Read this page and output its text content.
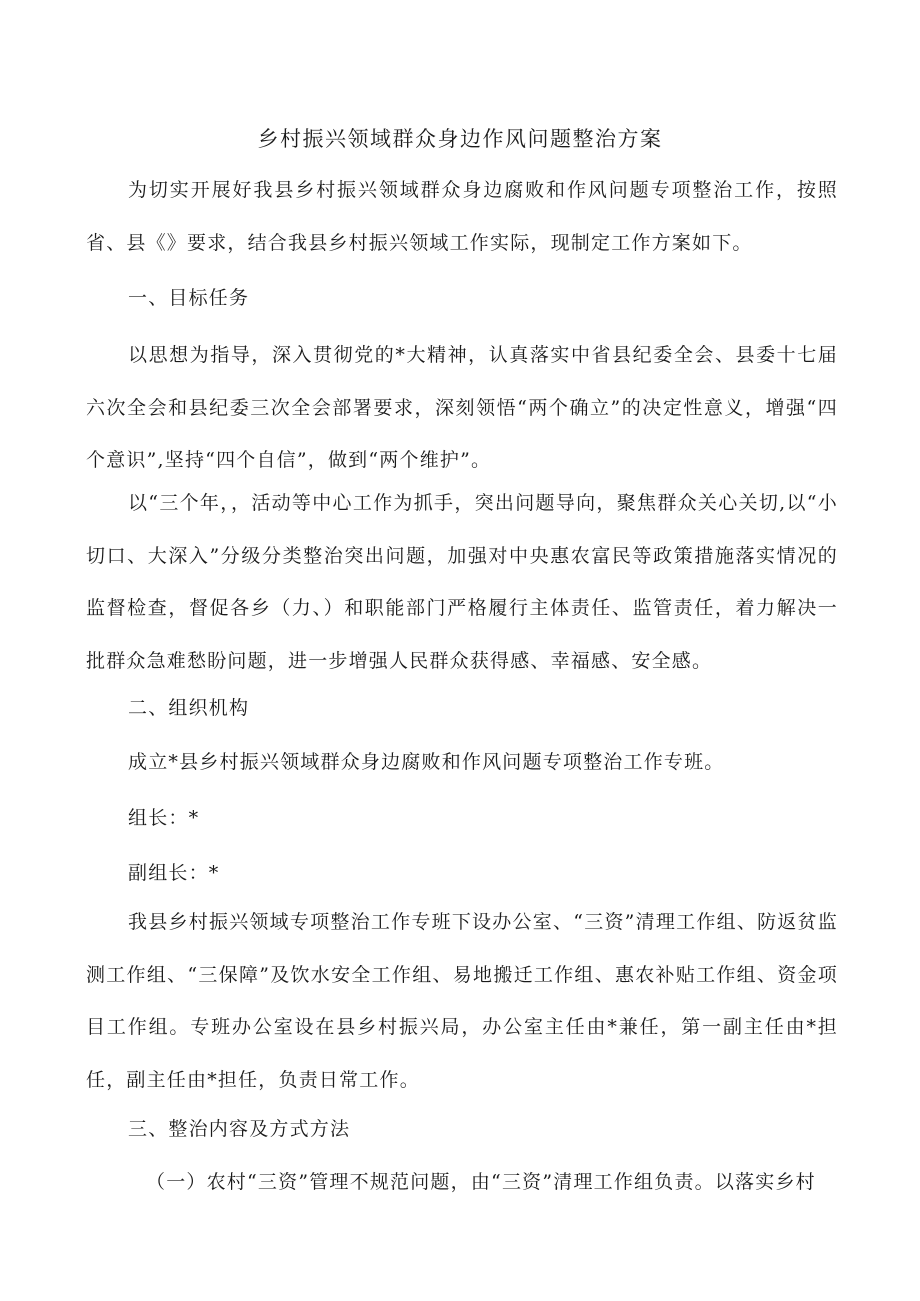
乡村振兴领域群众身边作风问题整治方案

为切实开展好我县乡村振兴领域群众身边腐败和作风问题专项整治工作，按照省、县《》要求，结合我县乡村振兴领域工作实际，现制定工作方案如下。

一、目标任务

以思想为指导，深入贯彻党的*大精神，认真落实中省县纪委全会、县委十七届六次全会和县纪委三次全会部署要求，深刻领悟“两个确立”的决定性意义，增强“四个意识”,坚持“四个自信”，做到“两个维护”。

以“三个年，，活动等中心工作为抓手，突出问题导向，聚焦群众关心关切,以“小切口、大深入”分级分类整治突出问题，加强对中央惠农富民等政策措施落实情况的监督检查，督促各乡（力、）和职能部门严格履行主体责任、监管责任，着力解决一批群众急难愁盼问题，进一步增强人民群众获得感、幸福感、安全感。

二、组织机构

成立*县乡村振兴领域群众身边腐败和作风问题专项整治工作专班。

组长：*

副组长：*

我县乡村振兴领域专项整治工作专班下设办公室、“三资”清理工作组、防返贫监测工作组、“三保障”及饮水安全工作组、易地搬迁工作组、惠农补贴工作组、资金项目工作组。专班办公室设在县乡村振兴局，办公室主任由*兼任，第一副主任由*担任，副主任由*担任，负责日常工作。

三、整治内容及方式方法

（一）农村“三资”管理不规范问题，由“三资”清理工作组负责。以落实乡村
